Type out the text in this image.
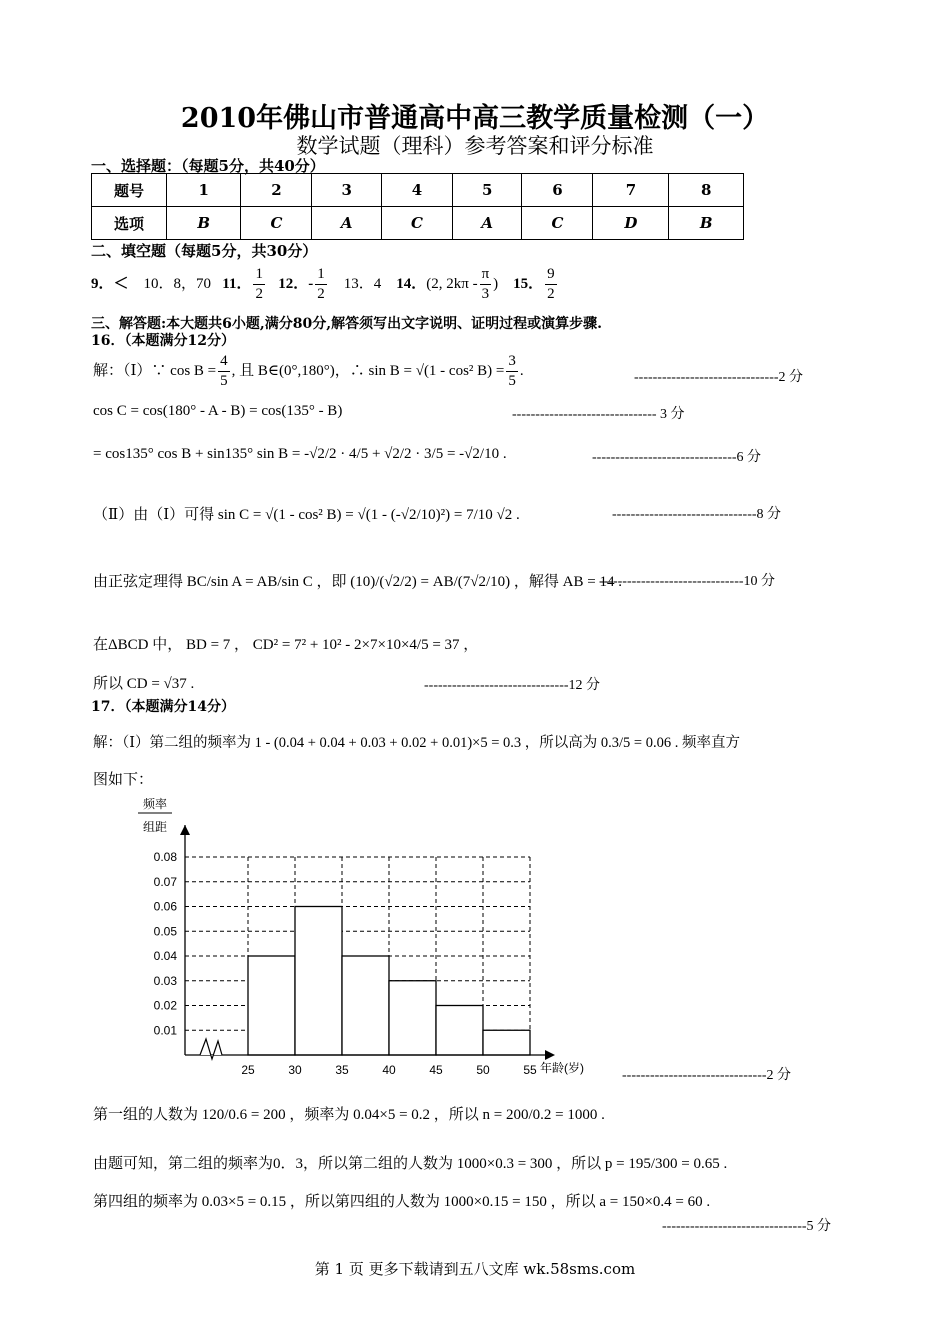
2010年佛山市普通高中高三教学质量检测（一）
数学试题（理科）参考答案和评分标准
一、选择题：（每题5分，共40分）
题号	1	2	3	4	5	6	7	8
选项	B	C	A	C	A	C	D	B
二、填空题（每题5分，共30分）
9．＜ 10．8，70 11． $\frac{1}{2} 12$．- $\frac{1}{2} 13$．4 14．(2, $2k\pi - \frac{\pi}{3}$ ) 15． $\frac{9}{2}$
三、解答题:本大题共6小题,满分80分,解答须写出文字说明、证明过程或演算步骤.
16．（本题满分12分）
解：（Ⅰ）∵ $\cos B = \frac{4}{5}$ , 且 B∈(0°,180°)，∴ sin B = √(1 - cos² $B) = \frac{3}{5}$ .	-------------------------------2 分
cos C = cos(180° - A - B) = cos(135° - B)	------------------------------- 3 分
= cos135° cos B + sin135° sin B = -√2/2 · 4/5 + √2/2 · 3/5 = -√2/10 .	-------------------------------6 分
（Ⅱ）由（Ⅰ）可得 sin C = √(1 - cos² B) = √(1 - (-√2/10)²) = 7/10 √2 .	-------------------------------8 分
由正弦定理得 BC/sin A = AB/sin C ，即 (10)/(√2/2) = AB/(7√2/10) ，解得 AB = 14 .
-------------------------------10 分
在ΔBCD 中， BD = 7 ， CD² = 7² + 10² - 2×7×10×4/5 = 37 ，
所以 CD = √37 .	-------------------------------12 分
17．（本题满分14分）
解：（Ⅰ）第二组的频率为 1 - (0.04 + 0.04 + 0.03 + 0.02 + 0.01)×5 = 0.3 ，所以高为 0.3/5 = 0.06 . 频率直方
图如下：
频率
组距
0.01
0.02
0.03
0.04
0.05
0.06
0.07
0.08
25	30	35	40	45	50	55 年龄(岁)	-------------------------------2 分
第一组的人数为 120/0.6 = 200 ，频率为 0.04×5 = 0.2 ，所以 n = 200/0.2 = 1000 .
由题可知，第二组的频率为0．3，所以第二组的人数为 1000×0.3 = 300 ，所以 p = 195/300 = 0.65 .
第四组的频率为 0.03×5 = 0.15 ，所以第四组的人数为 1000×0.15 = 150 ，所以 a = 150×0.4 = 60 .
-------------------------------5 分
第 1 页 更多下载请到五八文库 wk.58sms.com
